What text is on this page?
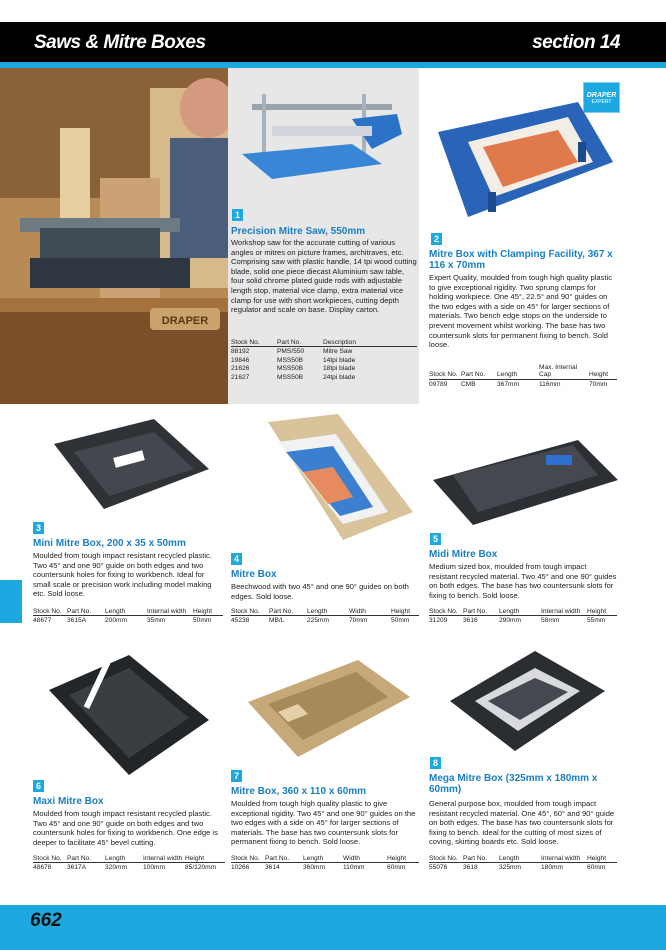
Saws & Mitre Boxes	section 14
DRAPER
1
Precision Mitre Saw, 550mm
Workshop saw for the accurate cutting of various angles or mitres on picture frames, architraves, etc. Comprising saw with plastic handle, 14 tpi wood cutting blade, solid one piece diecast Aluminium saw table, four solid chrome plated guide rods with adjustable length stop, material vice clamp, extra material vice clamp for use with short workpieces, cutting depth regulator and scale on base. Display carton.
Stock No.	Part No.	Description
88192	PMS/550	Mitre Saw
19846	MSS50B	14tpi blade
21626	MSS50B	18tpi blade
21627	MSS50B	24tpi blade
DRAPER
EXPERT
2
Mitre Box with Clamping Facility, 367 x 116 x 70mm
Expert Quality, moulded from tough high quality plastic to give exceptional rigidity. Two sprung clamps for holding workpiece. One 45°, 22.5° and 90° guides on the two edges with a side on 45° for larger sections of materials. Two bench edge stops on the underside to prevent movement whilst working. The base has two countersunk slots for permanent fixing to bench. Sold loose.
Stock No.	Part No.	Length	Max. Internal Cap	Height
09789	CMB	367mm	116mm	70mm
3
Mini Mitre Box, 200 x 35 x 50mm
Moulded from tough impact resistant recycled plastic. Two 45° and one 90° guide on both edges and two countersunk holes for fixing to workbench. Ideal for small scale or precision work including model making etc. Sold loose.
Stock No.	Part No.	Length	Internal width	Height
48677	3615A	200mm	35mm	50mm
4
Mitre Box
Beechwood with two 45° and one 90° guides on both edges. Sold loose.
Stock No.	Part No.	Length	Width	Height
45238	MB/L	225mm	70mm	50mm
5
Midi Mitre Box
Medium sized box, moulded from tough impact resistant recycled material. Two 45° and one 90° guides on both edges. The base has two countersunk slots for fixing to bench. Sold loose.
Stock No.	Part No.	Length	Internal width	Height
31209	3616	290mm	58mm	55mm
6
Maxi Mitre Box
Moulded from tough impact resistant recycled plastic. Two 45° and one 90° guide on both edges and two countersunk holes for fixing to workbench. One edge is deeper to facilitate 45° bevel cutting.
Stock No.	Part No.	Length	Internal width	Height
48678	3617A	320mm	100mm	85/120mm
7
Mitre Box, 360 x 110 x 60mm
Moulded from tough high quality plastic to give exceptional rigidity. Two 45° and one 90° guides on the two edges with a side on 45° for larger sections of materials. The base has two countersunk slots for permanent fixing to bench. Sold loose.
Stock No.	Part No.	Length	Width	Height
10266	3614	360mm	110mm	60mm
8
Mega Mitre Box (325mm x 180mm x 60mm)
General purpose box, moulded from tough impact resistant recycled material. One 45°, 60° and 90° guide on both edges. The base has two countersunk slots for fixing to bench. Ideal for the cutting of most sizes of coving, skirting boards etc. Sold loose.
Stock No.	Part No.	Length	Internal width	Height
55076	3618	325mm	180mm	60mm
662
